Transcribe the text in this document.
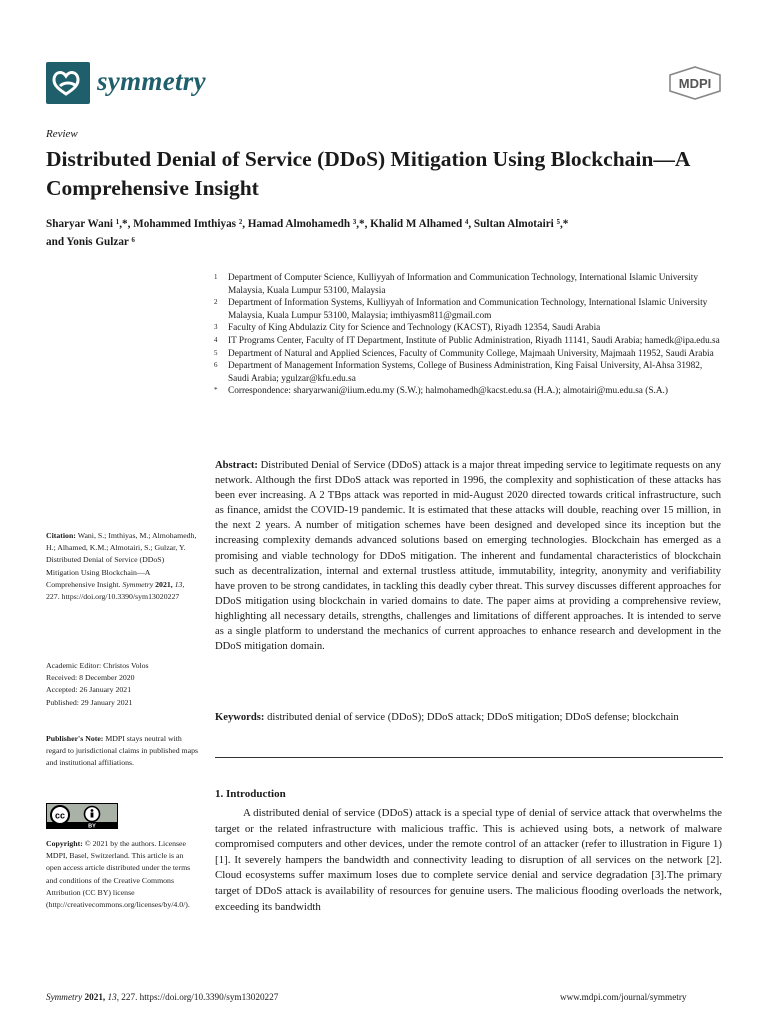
symmetry	MDPI
Review
Distributed Denial of Service (DDoS) Mitigation Using Blockchain—A Comprehensive Insight
Sharyar Wani ¹,*, Mohammed Imthiyas ², Hamad Almohamedh ³,*, Khalid M Alhamed ⁴, Sultan Almotairi ⁵,*
and Yonis Gulzar ⁶
1 Department of Computer Science, Kulliyyah of Information and Communication Technology, International Islamic University Malaysia, Kuala Lumpur 53100, Malaysia
2 Department of Information Systems, Kulliyyah of Information and Communication Technology, International Islamic University Malaysia, Kuala Lumpur 53100, Malaysia; imthiyasm811@gmail.com
3 Faculty of King Abdulaziz City for Science and Technology (KACST), Riyadh 12354, Saudi Arabia
4 IT Programs Center, Faculty of IT Department, Institute of Public Administration, Riyadh 11141, Saudi Arabia; hamedk@ipa.edu.sa
5 Department of Natural and Applied Sciences, Faculty of Community College, Majmaah University, Majmaah 11952, Saudi Arabia
6 Department of Management Information Systems, College of Business Administration, King Faisal University, Al-Ahsa 31982, Saudi Arabia; ygulzar@kfu.edu.sa
* Correspondence: sharyarwani@iium.edu.my (S.W.); halmohamedh@kacst.edu.sa (H.A.); almotairi@mu.edu.sa (S.A.)
Abstract: Distributed Denial of Service (DDoS) attack is a major threat impeding service to legitimate requests on any network. Although the first DDoS attack was reported in 1996, the complexity and sophistication of these attacks has been ever increasing. A 2 TBps attack was reported in mid-August 2020 directed towards critical infrastructure, such as finance, amidst the COVID-19 pandemic. It is estimated that these attacks will double, reaching over 15 million, in the next 2 years. A number of mitigation schemes have been designed and developed since its inception but the increasing complexity demands advanced solutions based on emerging technologies. Blockchain has emerged as a promising and viable technology for DDoS mitigation. The inherent and fundamental characteristics of blockchain such as decentralization, internal and external trustless attitude, immutability, integrity, anonymity and verifiability have proven to be strong candidates, in tackling this deadly cyber threat. This survey discusses different approaches for DDoS mitigation using blockchain in varied domains to date. The paper aims at providing a comprehensive review, highlighting all necessary details, strengths, challenges and limitations of different approaches. It is intended to serve as a single platform to understand the mechanics of current approaches to enhance research and development in the DDoS mitigation domain.
Keywords: distributed denial of service (DDoS); DDoS attack; DDoS mitigation; DDoS defense; blockchain
1. Introduction
A distributed denial of service (DDoS) attack is a special type of denial of service attack that overwhelms the target or the related infrastructure with malicious traffic. This is achieved using bots, a network of malware compromised computers and other devices, under the remote control of an attacker (refer to illustration in Figure 1) [1]. It severely hampers the bandwidth and connectivity leading to disruption of all services on the network [2]. Cloud ecosystems suffer maximum loses due to complete service denial and service degradation [3].The primary target of DDoS attack is availability of resources for genuine users. The malicious flooding overloads the network, exceeding its bandwidth
Citation: Wani, S.; Imthiyas, M.; Almohamedh, H.; Alhamed, K.M.; Almotairi, S.; Gulzar, Y. Distributed Denial of Service (DDoS) Mitigation Using Blockchain—A Comprehensive Insight. Symmetry 2021, 13, 227. https://doi.org/10.3390/sym13020227
Academic Editor: Christos Volos
Received: 8 December 2020
Accepted: 26 January 2021
Published: 29 January 2021
Publisher's Note: MDPI stays neutral with regard to jurisdictional claims in published maps and institutional affiliations.
cc
BY
Copyright: © 2021 by the authors. Licensee MDPI, Basel, Switzerland. This article is an open access article distributed under the terms and conditions of the Creative Commons Attribution (CC BY) license (http://creativecommons.org/licenses/by/4.0/).
Symmetry 2021, 13, 227. https://doi.org/10.3390/sym13020227	www.mdpi.com/journal/symmetry
